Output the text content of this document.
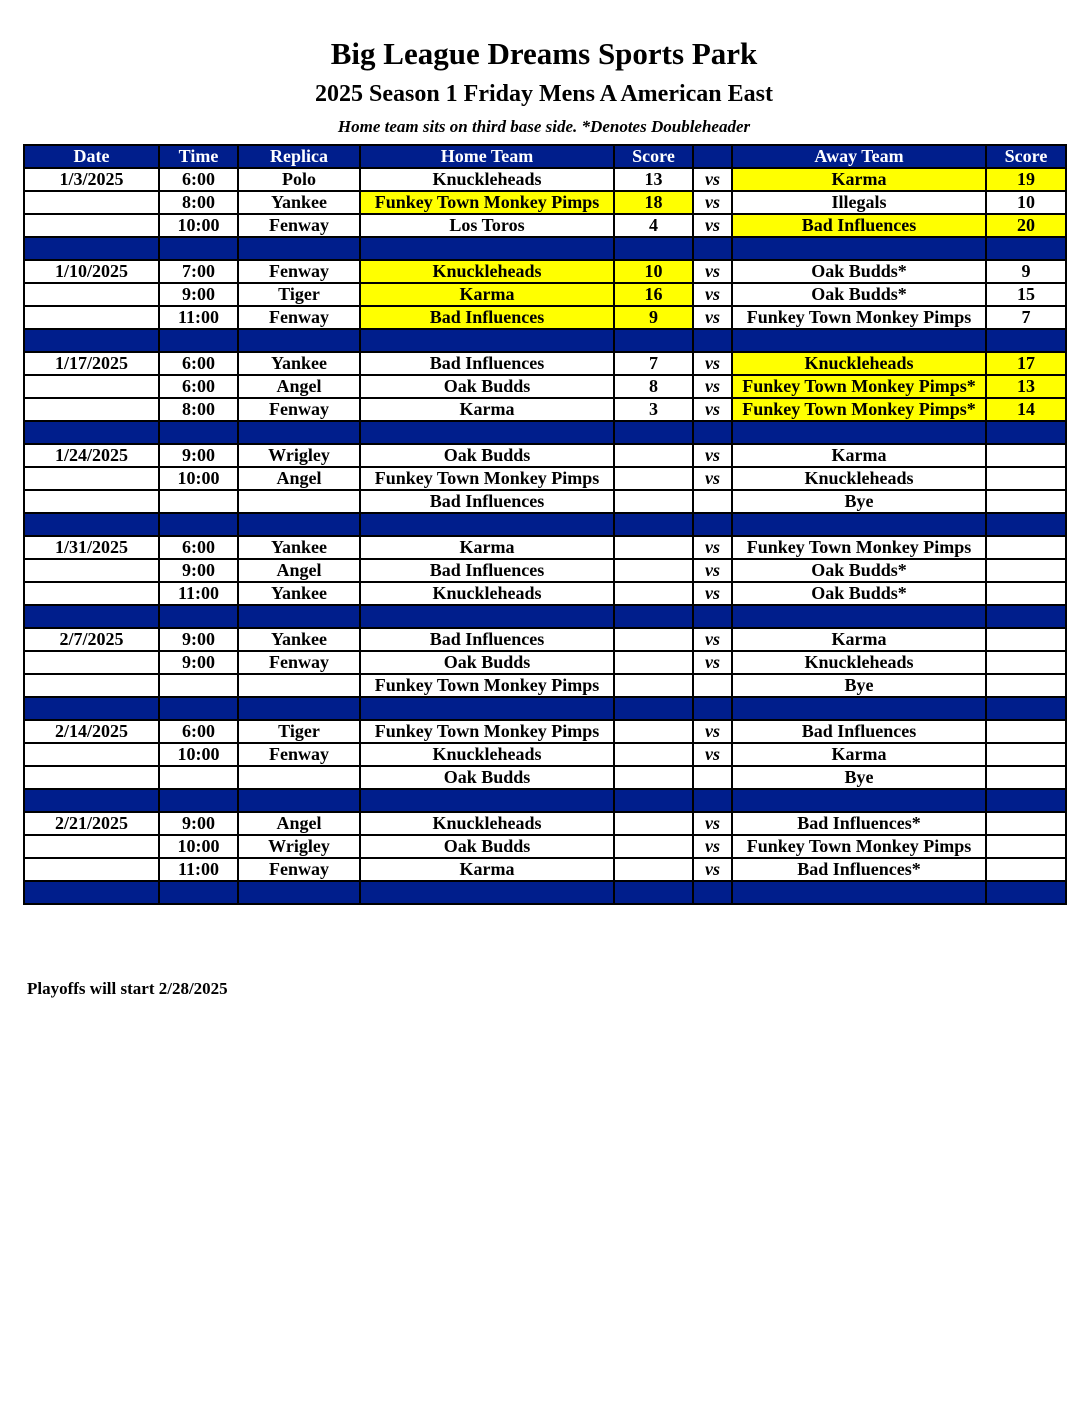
Big League Dreams Sports Park
2025 Season 1 Friday Mens A American East
Home team sits on third base side. *Denotes Doubleheader
Date	Time	Replica	Home Team	Score		Away Team	Score
1/3/2025	6:00	Polo	Knuckleheads	13	vs	Karma	19
	8:00	Yankee	Funkey Town Monkey Pimps	18	vs	Illegals	10
	10:00	Fenway	Los Toros	4	vs	Bad Influences	20

1/10/2025	7:00	Fenway	Knuckleheads	10	vs	Oak Budds*	9
	9:00	Tiger	Karma	16	vs	Oak Budds*	15
	11:00	Fenway	Bad Influences	9	vs	Funkey Town Monkey Pimps	7

1/17/2025	6:00	Yankee	Bad Influences	7	vs	Knuckleheads	17
	6:00	Angel	Oak Budds	8	vs	Funkey Town Monkey Pimps*	13
	8:00	Fenway	Karma	3	vs	Funkey Town Monkey Pimps*	14

1/24/2025	9:00	Wrigley	Oak Budds		vs	Karma	
	10:00	Angel	Funkey Town Monkey Pimps		vs	Knuckleheads	
			Bad Influences			Bye	

1/31/2025	6:00	Yankee	Karma		vs	Funkey Town Monkey Pimps	
	9:00	Angel	Bad Influences		vs	Oak Budds*	
	11:00	Yankee	Knuckleheads		vs	Oak Budds*	

2/7/2025	9:00	Yankee	Bad Influences		vs	Karma	
	9:00	Fenway	Oak Budds		vs	Knuckleheads	
			Funkey Town Monkey Pimps			Bye	

2/14/2025	6:00	Tiger	Funkey Town Monkey Pimps		vs	Bad Influences	
	10:00	Fenway	Knuckleheads		vs	Karma	
			Oak Budds			Bye	

2/21/2025	9:00	Angel	Knuckleheads		vs	Bad Influences*	
	10:00	Wrigley	Oak Budds		vs	Funkey Town Monkey Pimps	
	11:00	Fenway	Karma		vs	Bad Influences*	

Playoffs will start 2/28/2025
